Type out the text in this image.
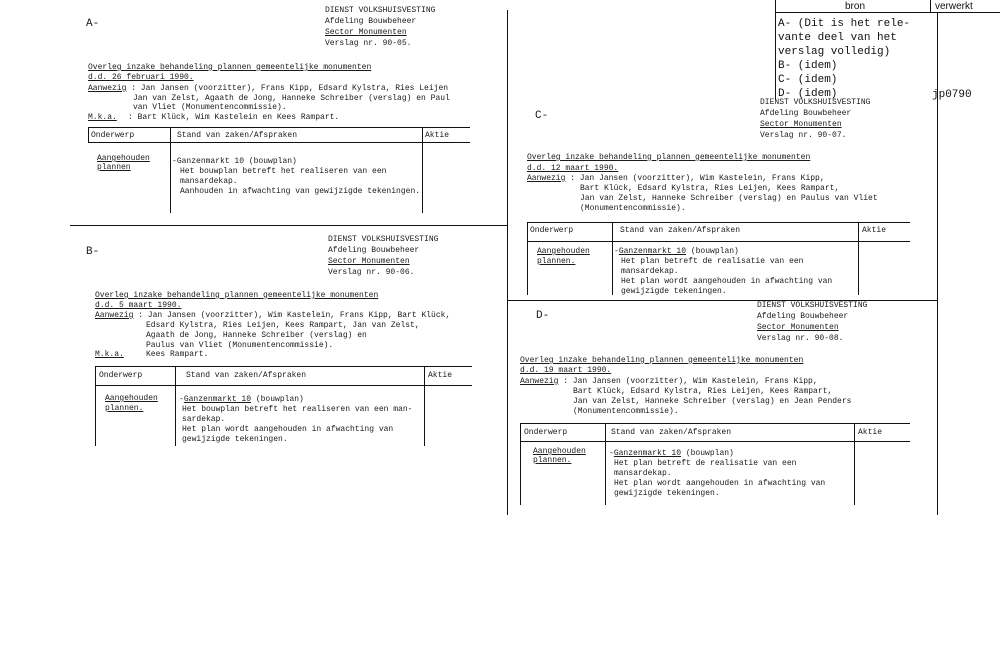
bron	verwerkt
A- (Dit is het rele-
vante deel van het
verslag volledig)
B- (idem)
C- (idem)
D- (idem)	jp0790
A-
DIENST VOLKSHUISVESTING
Afdeling Bouwbeheer
Sector Monumenten
Verslag nr. 90-05.
Overleg inzake behandeling plannen gemeentelijke monumenten
d.d. 26 februari 1990.
Aanwezig : Jan Jansen (voorzitter), Frans Kipp, Edsard Kylstra, Ries Leijen
Jan van Zelst, Agaath de Jong, Hanneke Schreiber (verslag) en Paul
van Vliet (Monumentencommissie).
M.k.a. : Bart Klück, Wim Kastelein en Kees Rampart.
Onderwerp	Stand van zaken/Afspraken	Aktie
Aangehouden
plannen
-Ganzenmarkt 10 (bouwplan)
Het bouwplan betreft het realiseren van een
mansardekap.
Aanhouden in afwachting van gewijzigde tekeningen.
B-
DIENST VOLKSHUISVESTING
Afdeling Bouwbeheer
Sector Monumenten
Verslag nr. 90-06.
Overleg inzake behandeling plannen gemeentelijke monumenten
d.d. 5 maart 1990.
Aanwezig : Jan Jansen (voorzitter), Wim Kastelein, Frans Kipp, Bart Klück,
Edsard Kylstra, Ries Leijen, Kees Rampart, Jan van Zelst,
Agaath de Jong, Hanneke Schreiber (verslag) en
Paulus van Vliet (Monumentencommissie).
M.k.a.	Kees Rampart.
Onderwerp	Stand van zaken/Afspraken	Aktie
Aangehouden
plannen.
-Ganzenmarkt 10 (bouwplan)
Het bouwplan betreft het realiseren van een man-
sardekap.
Het plan wordt aangehouden in afwachting van
gewijzigde tekeningen.
C-
DIENST VOLKSHUISVESTING
Afdeling Bouwbeheer
Sector Monumenten
Verslag nr. 90-07.
Overleg inzake behandeling plannen gemeentelijke monumenten
d.d. 12 maart 1990.
Aanwezig : Jan Jansen (voorzitter), Wim Kastelein, Frans Kipp,
Bart Klück, Edsard Kylstra, Ries Leijen, Kees Rampart,
Jan van Zelst, Hanneke Schreiber (verslag) en Paulus van Vliet
(Monumentencommissie).
Onderwerp	Stand van zaken/Afspraken	Aktie
Aangehouden
plannen.
-Ganzenmarkt 10 (bouwplan)
Het plan betreft de realisatie van een
mansardekap.
Het plan wordt aangehouden in afwachting van
gewijzigde tekeningen.
D-
DIENST VOLKSHUISVESTING
Afdeling Bouwbeheer
Sector Monumenten
Verslag nr. 90-08.
Overleg inzake behandeling plannen gemeentelijke monumenten
d.d. 19 maart 1990.
Aanwezig : Jan Jansen (voorzitter), Wim Kastelein, Frans Kipp,
Bart Klück, Edsard Kylstra, Ries Leijen, Kees Rampart,
Jan van Zelst, Hanneke Schreiber (verslag) en Jean Penders
(Monumentencommissie).
Onderwerp	Stand van zaken/Afspraken	Aktie
Aangehouden
plannen.
-Ganzenmarkt 10 (bouwplan)
Het plan betreft de realisatie van een
mansardekap.
Het plan wordt aangehouden in afwachting van
gewijzigde tekeningen.
